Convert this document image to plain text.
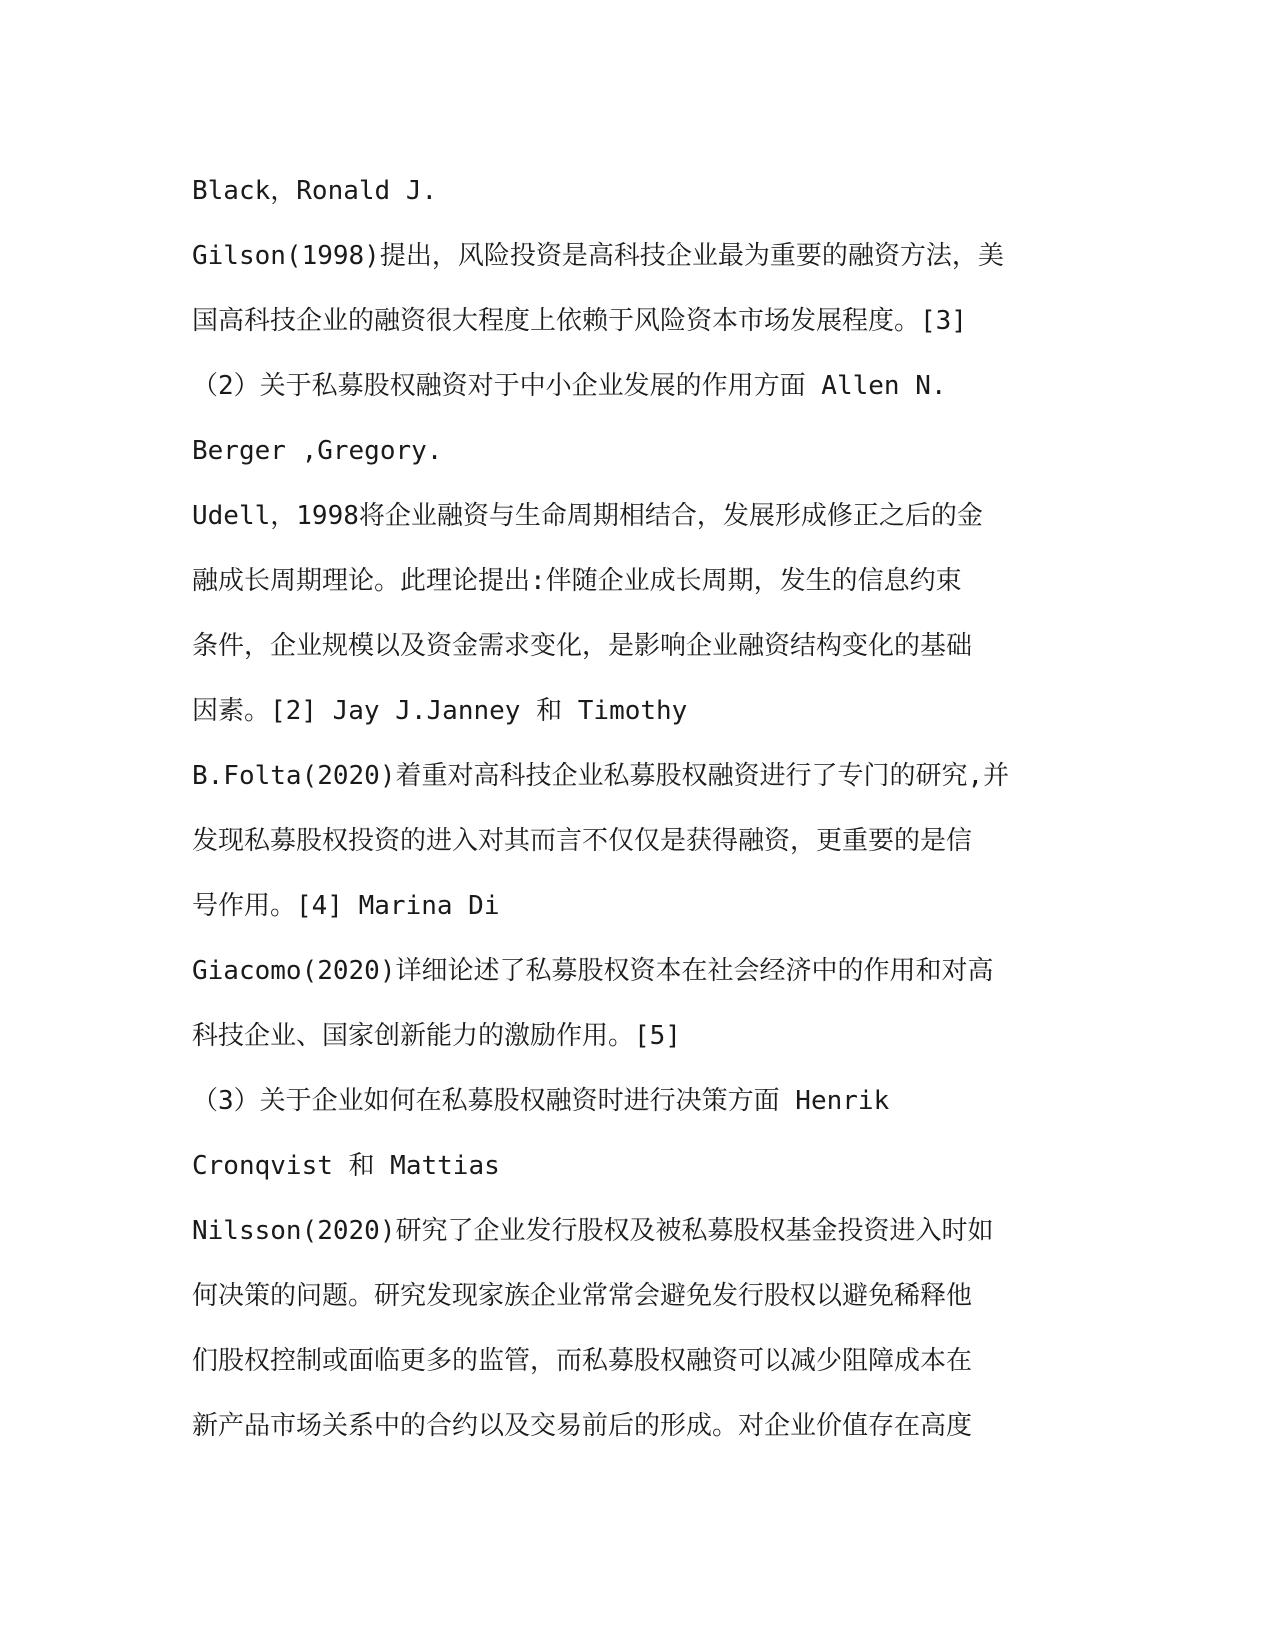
Black，Ronald J.
Gilson(1998)提出，风险投资是高科技企业最为重要的融资方法，美
国高科技企业的融资很大程度上依赖于风险资本市场发展程度。[3]
（2）关于私募股权融资对于中小企业发展的作用方面 Allen N.
Berger ,Gregory.
Udell，1998将企业融资与生命周期相结合，发展形成修正之后的金
融成长周期理论。此理论提出:伴随企业成长周期，发生的信息约束
条件，企业规模以及资金需求变化，是影响企业融资结构变化的基础
因素。[2] Jay J.Janney 和 Timothy
B.Folta(2020)着重对高科技企业私募股权融资进行了专门的研究,并
发现私募股权投资的进入对其而言不仅仅是获得融资，更重要的是信
号作用。[4] Marina Di
Giacomo(2020)详细论述了私募股权资本在社会经济中的作用和对高
科技企业、国家创新能力的激励作用。[5]
（3）关于企业如何在私募股权融资时进行决策方面 Henrik
Cronqvist 和 Mattias
Nilsson(2020)研究了企业发行股权及被私募股权基金投资进入时如
何决策的问题。研究发现家族企业常常会避免发行股权以避免稀释他
们股权控制或面临更多的监管，而私募股权融资可以减少阻障成本在
新产品市场关系中的合约以及交易前后的形成。对企业价值存在高度
